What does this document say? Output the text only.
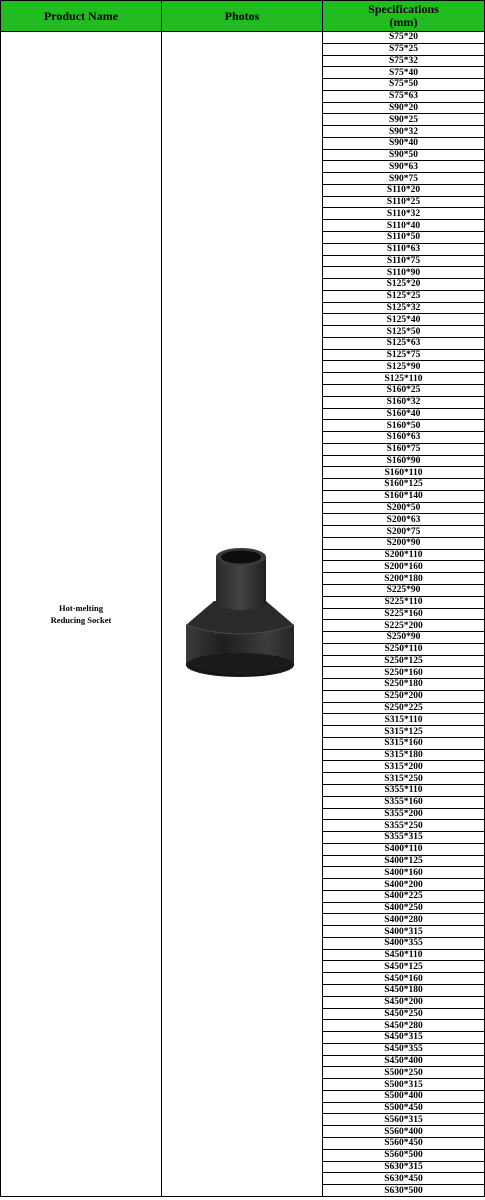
Product Name	Photos	Specifications
(mm)
Hot-melting
Reducing Socket		S75*20
		S75*25
		S75*32
		S75*40
		S75*50
		S75*63
		S90*20
		S90*25
		S90*32
		S90*40
		S90*50
		S90*63
		S90*75
		S110*20
		S110*25
		S110*32
		S110*40
		S110*50
		S110*63
		S110*75
		S110*90
		S125*20
		S125*25
		S125*32
		S125*40
		S125*50
		S125*63
		S125*75
		S125*90
		S125*110
		S160*25
		S160*32
		S160*40
		S160*50
		S160*63
		S160*75
		S160*90
		S160*110
		S160*125
		S160*140
		S200*50
		S200*63
		S200*75
		S200*90
		S200*110
		S200*160
		S200*180
		S225*90
		S225*110
		S225*160
		S225*200
		S250*90
		S250*110
		S250*125
		S250*160
		S250*180
		S250*200
		S250*225
		S315*110
		S315*125
		S315*160
		S315*180
		S315*200
		S315*250
		S355*110
		S355*160
		S355*200
		S355*250
		S355*315
		S400*110
		S400*125
		S400*160
		S400*200
		S400*225
		S400*250
		S400*280
		S400*315
		S400*355
		S450*110
		S450*125
		S450*160
		S450*180
		S450*200
		S450*250
		S450*280
		S450*315
		S450*355
		S450*400
		S500*250
		S500*315
		S500*400
		S500*450
		S560*315
		S560*400
		S560*450
		S560*500
		S630*315
		S630*450
		S630*500
